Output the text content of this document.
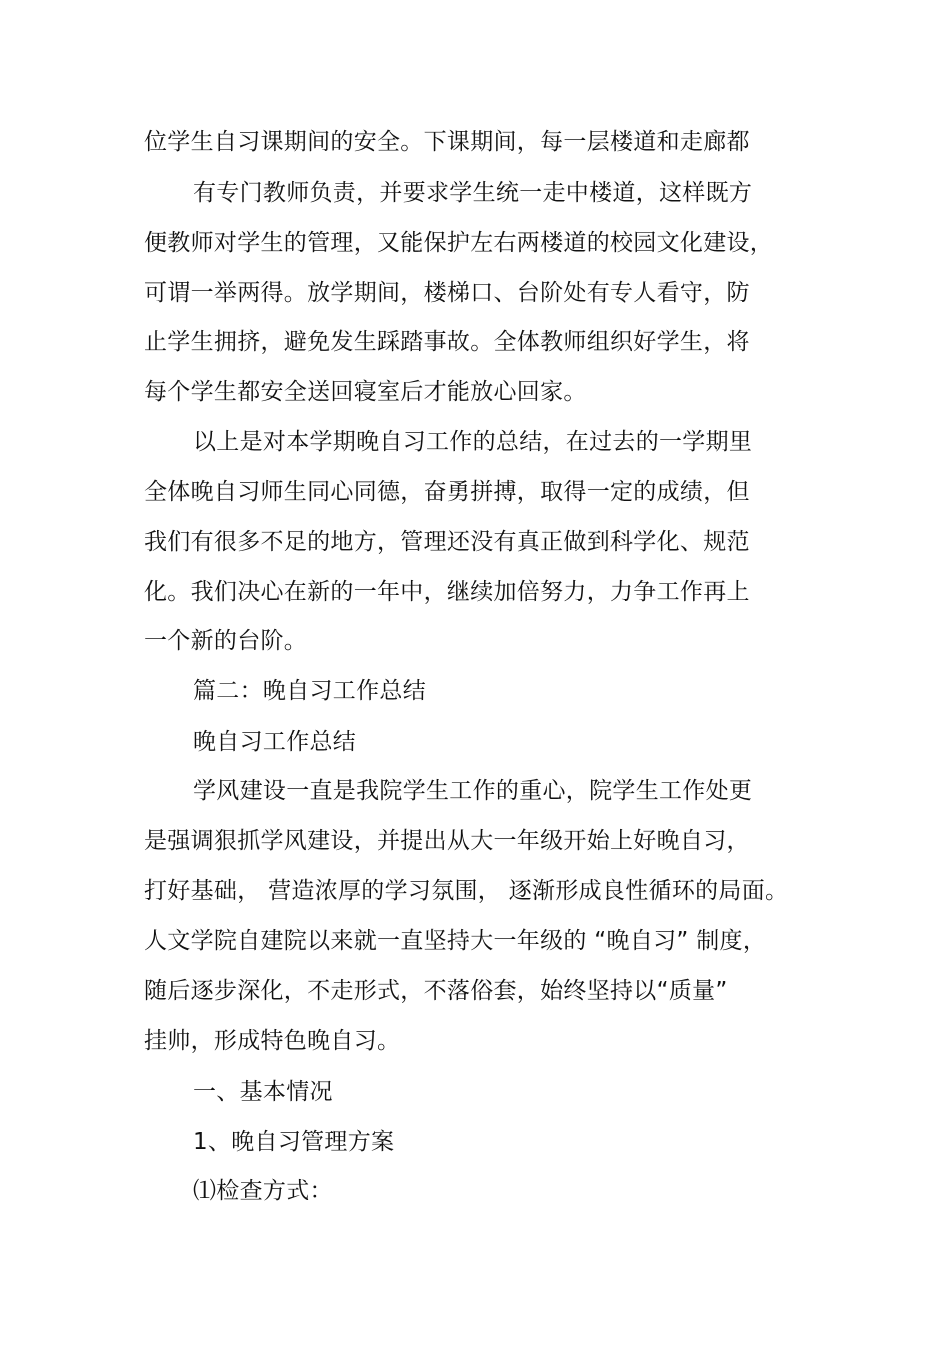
位学生自习课期间的安全。下课期间，每一层楼道和走廊都
有专门教师负责，并要求学生统一走中楼道，这样既方
便教师对学生的管理，又能保护左右两楼道的校园文化建设，
可谓一举两得。放学期间，楼梯口、台阶处有专人看守，防
止学生拥挤，避免发生踩踏事故。全体教师组织好学生，将
每个学生都安全送回寝室后才能放心回家。
以上是对本学期晚自习工作的总结，在过去的一学期里
全体晚自习师生同心同德，奋勇拼搏，取得一定的成绩，但
我们有很多不足的地方，管理还没有真正做到科学化、规范
化。我们决心在新的一年中，继续加倍努力，力争工作再上
一个新的台阶。
篇二：晚自习工作总结
晚自习工作总结
学风建设一直是我院学生工作的重心，院学生工作处更
是强调狠抓学风建设，并提出从大一年级开始上好晚自习，
打好基础， 营造浓厚的学习氛围， 逐渐形成良性循环的局面。
人文学院自建院以来就一直坚持大一年级的 “晚自习” 制度，
随后逐步深化，不走形式，不落俗套，始终坚持以“质量”
挂帅，形成特色晚自习。
一、基本情况
1、晚自习管理方案
⑴检查方式：
